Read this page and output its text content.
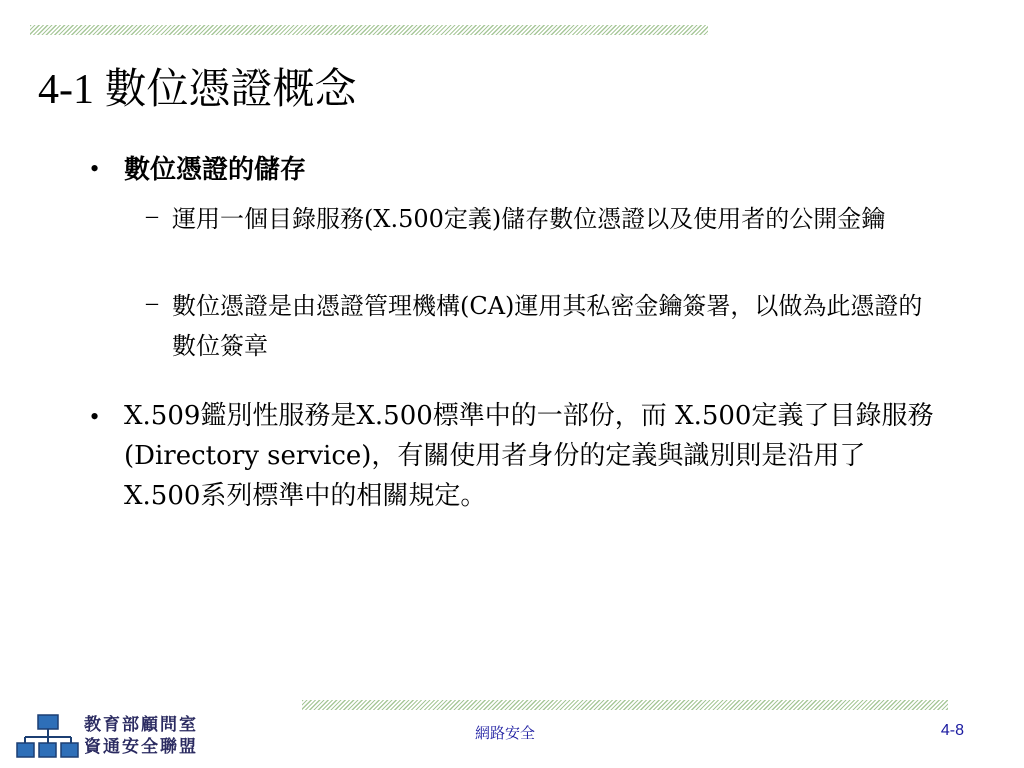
4-1 數位憑證概念
• 數位憑證的儲存
– 運用一個目錄服務(X.500定義)儲存數位憑證以及使用者的公開金鑰
– 數位憑證是由憑證管理機構(CA)運用其私密金鑰簽署，以做為此憑證的數位簽章
• X.509鑑別性服務是X.500標準中的一部份，而 X.500定義了目錄服務(Directory service)，有關使用者身份的定義與識別則是沿用了X.500系列標準中的相關規定。
教育部顧問室
資通安全聯盟
網路安全	4-8
